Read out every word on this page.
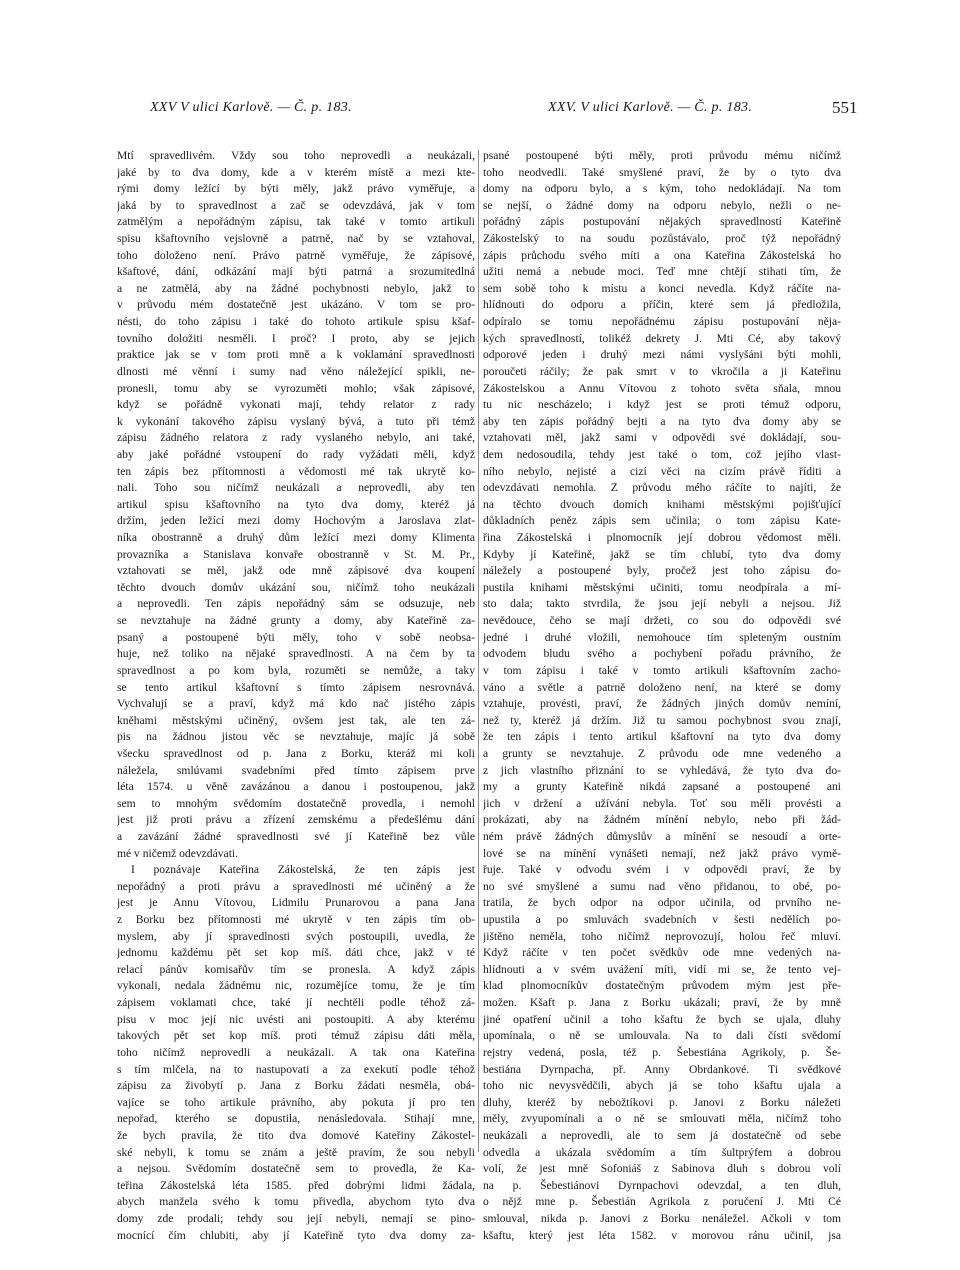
XXV V ulici Karlově. — Č. p. 183.	XXV. V ulici Karlově. — Č. p. 183.	551
Mtí spravedlivém. Vždy sou toho neprovedli a neukázali,
jaké by to dva domy, kde a v kterém místě a mezi kte-
rými domy ležící by býti měly, jakž právo vyměřuje, a
jaká by to spravedlnost a zač se odevzdává, jak v tom
zatmělým a nepořádným zápisu, tak také v tomto artikuli
spisu kšaftovního vejslovně a patrně, nač by se vztahoval,
toho doloženo není. Právo patrně vyměřuje, že zápisové,
kšaftové, dání, odkázání mají býti patrná a srozumitedlná
a ne zatmělá, aby na žádné pochybnosti nebylo, jakž to
v průvodu mém dostatečně jest ukázáno. V tom se pro-
nésti, do toho zápisu i také do tohoto artikule spisu kšaf-
tovního doložiti nesměli. I proč? I proto, aby se jejich
praktice jak se v tom proti mně a k voklamání spravedlnosti
dlnosti mé věnní i sumy nad věno náležející spikli, ne-
pronesli, tomu aby se vyrozuměti mohlo; však zápisové,
když se pořádně vykonati mají, tehdy relator z rady
k vykonání takového zápisu vyslaný bývá, a tuto při témž
zápisu žádného relatora z rady vyslaného nebylo, ani také,
aby jaké pořádné vstoupení do rady vyžádati měli, když
ten zápis bez přítomnosti a vědomosti mé tak ukrytě ko-
nali. Toho sou ničímž neukázali a neprovedli, aby ten
artikul spisu kšaftovního na tyto dva domy, kteréž já
držím, jeden ležící mezi domy Hochovým a Jaroslava zlat-
níka obostranně a druhý dům ležící mezi domy Klimenta
provazníka a Stanislava konvaře obostranně v St. M. Pr.,
vztahovati se měl, jakž ode mně zápisové dva koupení
těchto dvouch domův ukázání sou, ničímž toho neukázali
a neprovedli. Ten zápis nepořádný sám se odsuzuje, neb
se nevztahuje na žádné grunty a domy, aby Kateřině za-
psaný a postoupené býti měly, toho v sobě neobsa-
huje, než toliko na nějaké spravedlnosti. A na čem by ta
spravedlnost a po kom byla, rozuměti se nemůže, a taky
se tento artikul kšaftovní s tímto zápisem nesrovnává.
Vychvalují se a praví, když má kdo nač jistého zápis
kněhami městskými učiněný, ovšem jest tak, ale ten zá-
pis na žádnou jistou věc se nevztahuje, majíc já sobě
všecku spravedlnost od p. Jana z Borku, kteráž mi koli
náležela, smlúvami svadebními před tímto zápisem prve
léta 1574. u věně zavázánou a danou i postoupenou, jakž
sem to mnohým svědomím dostatečně provedla, i nemohl
jest již proti právu a zřízení zemskému a předešlému dání
a zavázání žádné spravedlnosti své jí Kateřině bez vůle
mé v ničemž odevzdávati.
I poznávaje Kateřina Zákostelská, že ten zápis jest
nepořádný a proti právu a spravedlnosti mé učiněný a že
jest je Annu Vítovou, Lidmilu Prunarovou a pana Jana
z Borku bez přítomnosti mé ukrytě v ten zápis tím ob-
myslem, aby jí spravedlnosti svých postoupili, uvedla, že
jednomu každému pět set kop míš. dáti chce, jakž v té
relací pánův komisařův tím se pronesla. A když zápis
vykonali, nedala žádnému nic, rozumějíce tomu, že je tím
zápisem voklamati chce, také jí nechtěli podle téhož zá-
pisu v moc její nic uvésti ani postoupiti. A aby kterému
takových pět set kop míš. proti témuž zápisu dáti měla,
toho ničímž neprovedli a neukázali. A tak ona Kateřina
s tím mlčela, na to nastupovati a za exekutí podle téhož
zápisu za živobytí p. Jana z Borku žádati nesměla, obá-
vajíce se toho artikule právního, aby pokuta jí pro ten
nepořad, kterého se dopustila, nenásledovala. Stihají mne,
že bych pravila, že tito dva domové Kateřiny Zákostel-
ské nebyli, k tomu se znám a ještě pravím, že sou nebyli
a nejsou. Svědomím dostatečně sem to provedla, že Ka-
teřina Zákostelská léta 1585. před dobrými lidmi žádala,
abych manžela svého k tomu přivedla, abychom tyto dva
domy zde prodali; tehdy sou její nebyli, nemají se pino-
mocnící čím chlubiti, aby jí Kateřině tyto dva domy za-
psané postoupené býti měly, proti průvodu mému ničímž
toho neodvedli. Také smyšlené praví, že by o tyto dva
domy na odporu bylo, a s kým, toho nedokládají. Na tom
se nejší, o žádné domy na odporu nebylo, nežli o ne-
pořádný zápis postupování nějakých spravedlností Kateřině
Zákostelský to na soudu pozůstávalo, proč týž nepořádný
zápis průchodu svého míti a ona Kateřina Zákostelská ho
užiti nemá a nebude moci. Teď mne chtějí stihati tím, že
sem sobě toho k místu a konci nevedla. Když ráčíte na-
hlídnouti do odporu a příčin, které sem já předložila,
odpíralo se tomu nepořádnému zápisu postupování něja-
kých spravedlností, tolikéž dekrety J. Mti Cé, aby takový
odporové jeden i druhý mezi námi vyslyšáni býti mohli,
poroučeti ráčily; že pak smrt v to vkročila a ji Kateřinu
Zákostelskou a Annu Vítovou z tohoto světa sňala, mnou
tu nic nescházelo; i když jest se proti témuž odporu,
aby ten zápis pořádný bejti a na tyto dva domy aby se
vztahovati měl, jakž sami v odpovědi své dokládají, sou-
dem nedosoudila, tehdy jest také o tom, což jejího vlast-
ního nebylo, nejisté a cizí věci na cizím právě říditi a
odevzdávati nemohla. Z průvodu mého ráčíte to najíti, že
na těchto dvouch domích knihami městskými pojišťující
důkladních peněz zápis sem učinila; o tom zápisu Kate-
řina Zákostelská i plnomocník její dobrou vědomost měli.
Kdyby jí Kateřině, jakž se tím chlubí, tyto dva domy
náležely a postoupené byly, pročež jest toho zápisu do-
pustila knihami městskými učiniti, tomu neodpírala a mí-
sto dala; takto stvrdila, že jsou její nebyli a nejsou. Již
nevědouce, čeho se mají držeti, co sou do odpovědi své
jedné i druhé vložili, nemohouce tím spleteným oustním
odvodem bludu svého a pochybení pořadu právního, že
v tom zápisu i také v tomto artikuli kšaftovním zacho-
váno a světle a patrně doloženo není, na které se domy
vztahuje, provésti, praví, že žádných jiných domův nemíní,
než ty, kteréž já držím. Již tu samou pochybnost svou znají,
že ten zápis i tento artikul kšaftovní na tyto dva domy
a grunty se nevztahuje. Z průvodu ode mne vedeného a
z jich vlastního přiznání to se vyhledává, že tyto dva do-
my a grunty Kateřině nikdá zapsané a postoupené ani
jich v držení a užívání nebyla. Toť sou měli provésti a
prokázati, aby na žádném mínění nebylo, nebo při žád-
ném právě žádných důmyslův a mínění se nesoudí a orte-
lové se na mínění vynášeti nemají, než jakž právo vymě-
řuje. Také v odvodu svém i v odpovědi praví, že by
no své smyšlené a sumu nad věno přidanou, to obé, po-
tratila, že bych odpor na odpor učinila, od prvního ne-
upustila a po smluvách svadebních v šesti nedělích po-
jištěno neměla, toho ničímž neprovozují, holou řeč mluví.
Když ráčíte v ten počet svědkův ode mne vedených na-
hlídnouti a v svém uvážení míti, vidí mi se, že tento vej-
klad plnomocníkův dostatečným průvodem mým jest pře-
možen. Kšaft p. Jana z Borku ukázali; praví, že by mně
jiné opatření učinil a toho kšaftu že bych se ujala, dluhy
upomínala, o ně se umlouvala. Na to dali čísti svědomí
rejstry vedená, posla, též p. Šebestiána Agrikoly, p. Še-
bestiána Dyrnpacha, př. Anny Obrdankové. Ti svědkové
toho nic nevysvědčili, abych já se toho kšaftu ujala a
dluhy, kteréž by nebožtíkovi p. Janovi z Borku náležeti
měly, zvyupomínali a o ně se smlouvati měla, ničímž toho
neukázali a neprovedli, ale to sem já dostatečně od sebe
odvedla a ukázala svědomím a tím šultprýfem a dobrou
volí, že jest mně Sofoniáš z Sabinova dluh s dobrou volí
na p. Šebestiánovi Dyrnpachovi odevzdal, a ten dluh,
o nějž mne p. Šebestián Agrikola z poručení J. Mti Cé
smlouval, nikda p. Janovi z Borku nenáležel. Ačkoli v tom
kšaftu, který jest léta 1582. v morovou ránu učinil, jsa
